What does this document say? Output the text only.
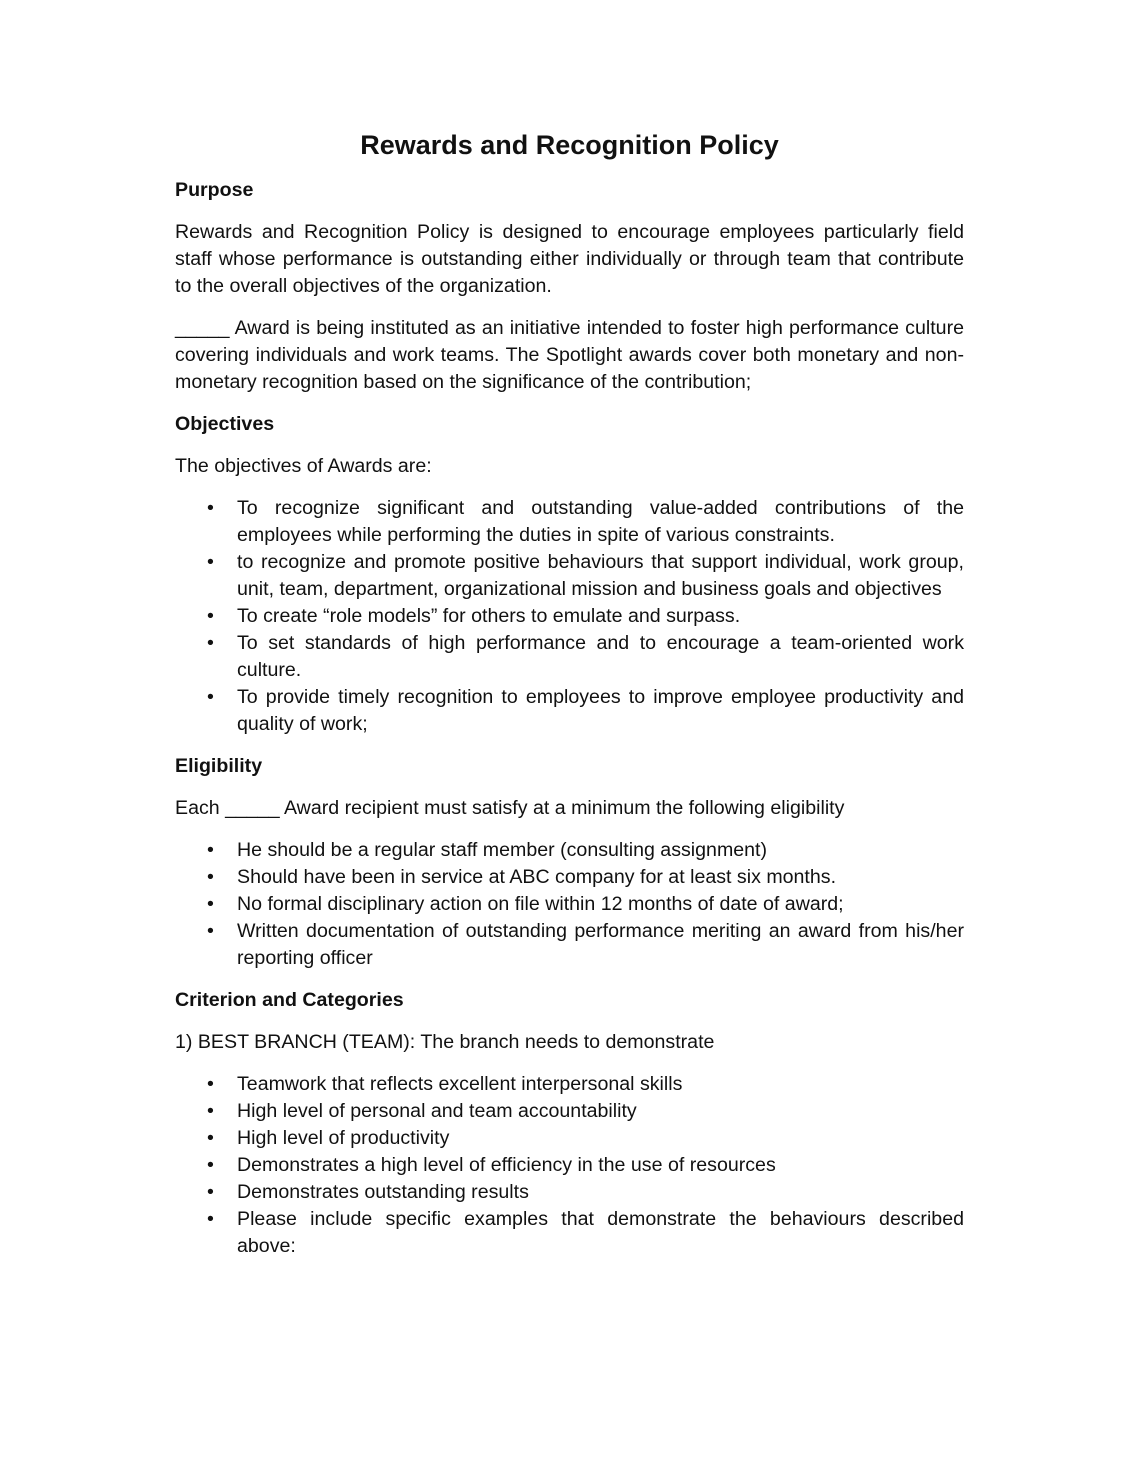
Rewards and Recognition Policy
Purpose

Rewards and Recognition Policy is designed to encourage employees particularly field staff whose performance is outstanding either individually or through team that contribute to the overall objectives of the organization.

_____ Award is being instituted as an initiative intended to foster high performance culture covering individuals and work teams. The Spotlight awards cover both monetary and non-monetary recognition based on the significance of the contribution;

Objectives

The objectives of Awards are:

• To recognize significant and outstanding value-added contributions of the employees while performing the duties in spite of various constraints.
• to recognize and promote positive behaviours that support individual, work group, unit, team, department, organizational mission and business goals and objectives
• To create “role models” for others to emulate and surpass.
• To set standards of high performance and to encourage a team-oriented work culture.
• To provide timely recognition to employees to improve employee productivity and quality of work;
Eligibility

Each _____ Award recipient must satisfy at a minimum the following eligibility

• He should be a regular staff member (consulting assignment)
• Should have been in service at ABC company for at least six months.
• No formal disciplinary action on file within 12 months of date of award;
• Written documentation of outstanding performance meriting an award from his/her reporting officer
Criterion and Categories

1) BEST BRANCH (TEAM): The branch needs to demonstrate

• Teamwork that reflects excellent interpersonal skills
• High level of personal and team accountability
• High level of productivity
• Demonstrates a high level of efficiency in the use of resources
• Demonstrates outstanding results
• Please include specific examples that demonstrate the behaviours described above:
